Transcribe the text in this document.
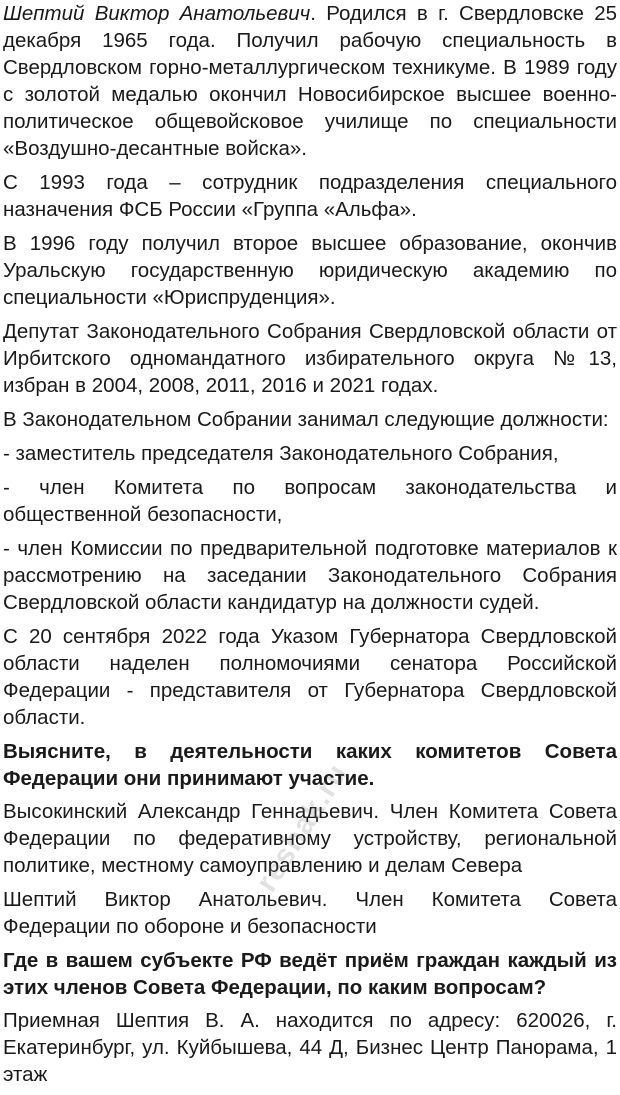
Шептий Виктор Анатольевич. Родился в г. Свердловске 25 декабря 1965 года. Получил рабочую специальность в Свердловском горно-металлургическом техникуме. В 1989 году с золотой медалью окончил Новосибирское высшее военно-политическое общевойсковое училище по специальности «Воздушно-десантные войска».

С 1993 года – сотрудник подразделения специального назначения ФСБ России «Группа «Альфа».

В 1996 году получил второе высшее образование, окончив Уральскую государственную юридическую академию по специальности «Юриспруденция».

Депутат Законодательного Собрания Свердловской области от Ирбитского одномандатного избирательного округа №13, избран в 2004, 2008, 2011, 2016 и 2021 годах.

В Законодательном Собрании занимал следующие должности:

- заместитель председателя Законодательного Собрания,

- член Комитета по вопросам законодательства и общественной безопасности,

- член Комиссии по предварительной подготовке материалов к рассмотрению на заседании Законодательного Собрания Свердловской области кандидатур на должности судей.

С 20 сентября 2022 года Указом Губернатора Свердловской области наделен полномочиями сенатора Российской Федерации - представителя от Губернатора Свердловской области.

Выясните, в деятельности каких комитетов Совета Федерации они принимают участие.

Высокинский Александр Геннадьевич. Член Комитета Совета Федерации по федеративному устройству, региональной политике, местному самоуправлению и делам Севера

Шептий Виктор Анатольевич. Член Комитета Совета Федерации по обороне и безопасности

Где в вашем субъекте РФ ведёт приём граждан каждый из этих членов Совета Федерации, по каким вопросам?

Приемная Шептия В. А. находится по адресу: 620026, г. Екатеринбург, ул. Куйбышева, 44 Д, Бизнес Центр Панорама, 1 этаж

reshak.ru
